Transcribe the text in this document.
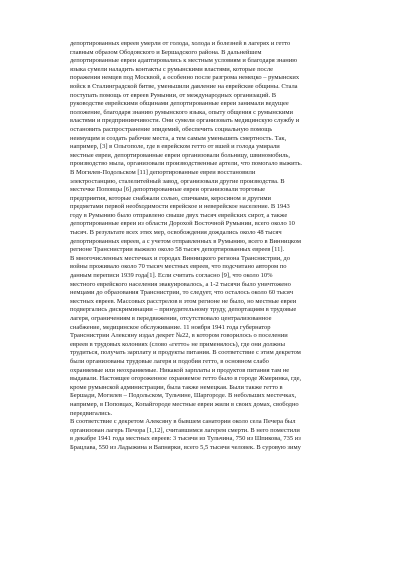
депортированных евреев умерли от голода, холода и болезней в лагерях и гетто
главным образом Ободовского и Бершадского района. В дальнейшем
депортированные евреи адаптировались к местным условиям и благодаря знанию
языка сумели наладить контакты с румынскими властями, которые после
поражения немцев под Москвой, а особенно после разгрома немецко – румынских
войск в Сталинградской битве, уменьшили давление на еврейские общины. Стала
поступать помощь от евреев Румынии, от международных организаций. В
руководстве еврейскими общинами депортированные евреи занимали ведущее
положение, благодаря знанию румынского языка, опыту общения с румынскими
властями и предпринимчивости. Они сумели организовать медицинскую службу и
остановить распространение эпидемий, обеспечить социальную помощь
неимущим и создать рабочие места, а тем самым уменьшить смертность. Так,
например, [3] в Ольгополе, где в еврейском гетто от вшей и голода умирали
местные евреи, депортированные евреи организовали больницу, швиномобиль,
производство мыла, организовали производственные артели, что помогало выжить.
В Могилев-Подольском [11] депортированные евреи восстановили
электростанцию, сталелитейный завод, организовали другие производства. В
местечке Поповцы [6] депортированные евреи организовали торговые
предприятия, которые снабжали солью, спичками, керосином и другими
предметами первой необходимости еврейское и неверейское население. В 1943
году в Румынию было отправлено свыше двух тысяч еврейских сирот, а также
депортированные евреи из области Дорохой Восточной Румынии, всего около 10
тысяч. В результате всех этих мер, освобождения дождались около 48 тысяч
депортированных евреев, а с учетом отправленных в Румынию, всего в Винницком
регионе Транснистрии выжило около 58 тысяч депортированных евреев [11].
В многочисленных местечках и городах Винницкого региона Транснистрии, до
войны проживало около 70 тысяч местных евреев, что подсчитано автором по
данным переписи 1939 года[1]. Если считать согласно [9], что около 10%
местного еврейского населения эвакуировалось, а 1-2 тысячи было уничтожено
немцами до образования Транснистрии, то следует, что осталось около 60 тысяч
местных евреев. Массовых расстрелов в этом регионе не было, но местные евреи
подвергались дискриминации – принудительному труду, депортациям в трудовые
лагеря, ограничениям в передвижении, отсутствовало централизованное
снабжение, медицинское обслуживание. 11 ноября 1941 года губернатор
Транснистрии Алексяну издал декрет №22, в котором говорилось о поселении
евреев в трудовых колониях (слово «гетто» не применялось), где они должны
трудиться, получать зарплату и продукты питания. В соответствие с этим декретом
были организованы трудовые лагеря и подобия гетто, в основном слабо
охраняемые или неохраняемые. Никакой зарплаты и продуктов питания там не
выдавали. Настоящее огороженное охраняемое гетто было в городе Жмеринка, где,
кроме румынской администрации, была также немецкая. Были также гетто в
Бершади, Могилев – Подольском, Тульчине, Шаргороде. В небольших местечках,
например, в Поповцах, Копайгороде местные евреи жили в своих домах, свободно
передвигались.
В соответствие с декретом Алексяну в бывшем санатории около села Печера был
организован лагерь Печора [1,12], считавшимся лагерем смерти. В него поместили
в декабре 1941 года местных евреев: 3 тысячи из Тульчина, 750 из Шпикова, 735 из
Брацлава, 550 из Ладыжина и Вапнярки, всего 5,5 тысячи человек. В суровую зиму
